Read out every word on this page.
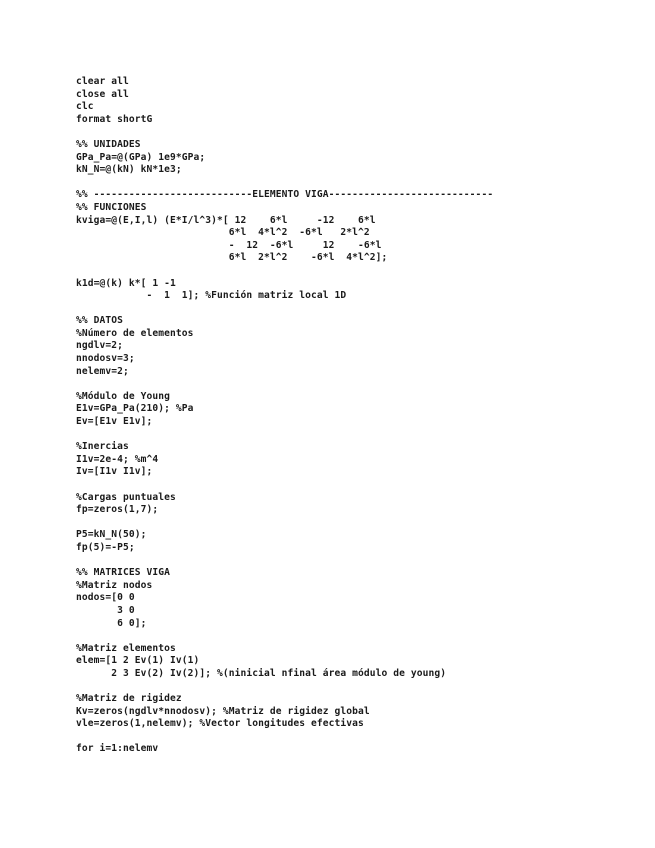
clear all
close all
clc
format shortG
%% UNIDADES
GPa_Pa=@(GPa) 1e9*GPa;
kN_N=@(kN) kN*1e3;
%% ---------------------------ELEMENTO VIGA----------------------------
%% FUNCIONES
kviga=@(E,I,l) (E*I/l^3)*[ 12    6*l     -12    6*l
6*l  4*l^2  -6*l   2*l^2
-  12  -6*l     12    -6*l
6*l  2*l^2    -6*l  4*l^2];
k1d=@(k) k*[ 1 -1
-  1  1]; %Función matriz local 1D
%% DATOS
%Número de elementos
ngdlv=2;
nnodosv=3;
nelemv=2;
%Módulo de Young
E1v=GPa_Pa(210); %Pa
Ev=[E1v E1v];
%Inercias
I1v=2e-4; %m^4
Iv=[I1v I1v];
%Cargas puntuales
fp=zeros(1,7);
P5=kN_N(50);
fp(5)=-P5;
%% MATRICES VIGA
%Matriz nodos
nodos=[0 0
3 0
6 0];
%Matriz elementos
elem=[1 2 Ev(1) Iv(1)
2 3 Ev(2) Iv(2)]; %(ninicial nfinal área módulo de young)
%Matriz de rigidez
Kv=zeros(ngdlv*nnodosv); %Matriz de rigidez global
vle=zeros(1,nelemv); %Vector longitudes efectivas
for i=1:nelemv
